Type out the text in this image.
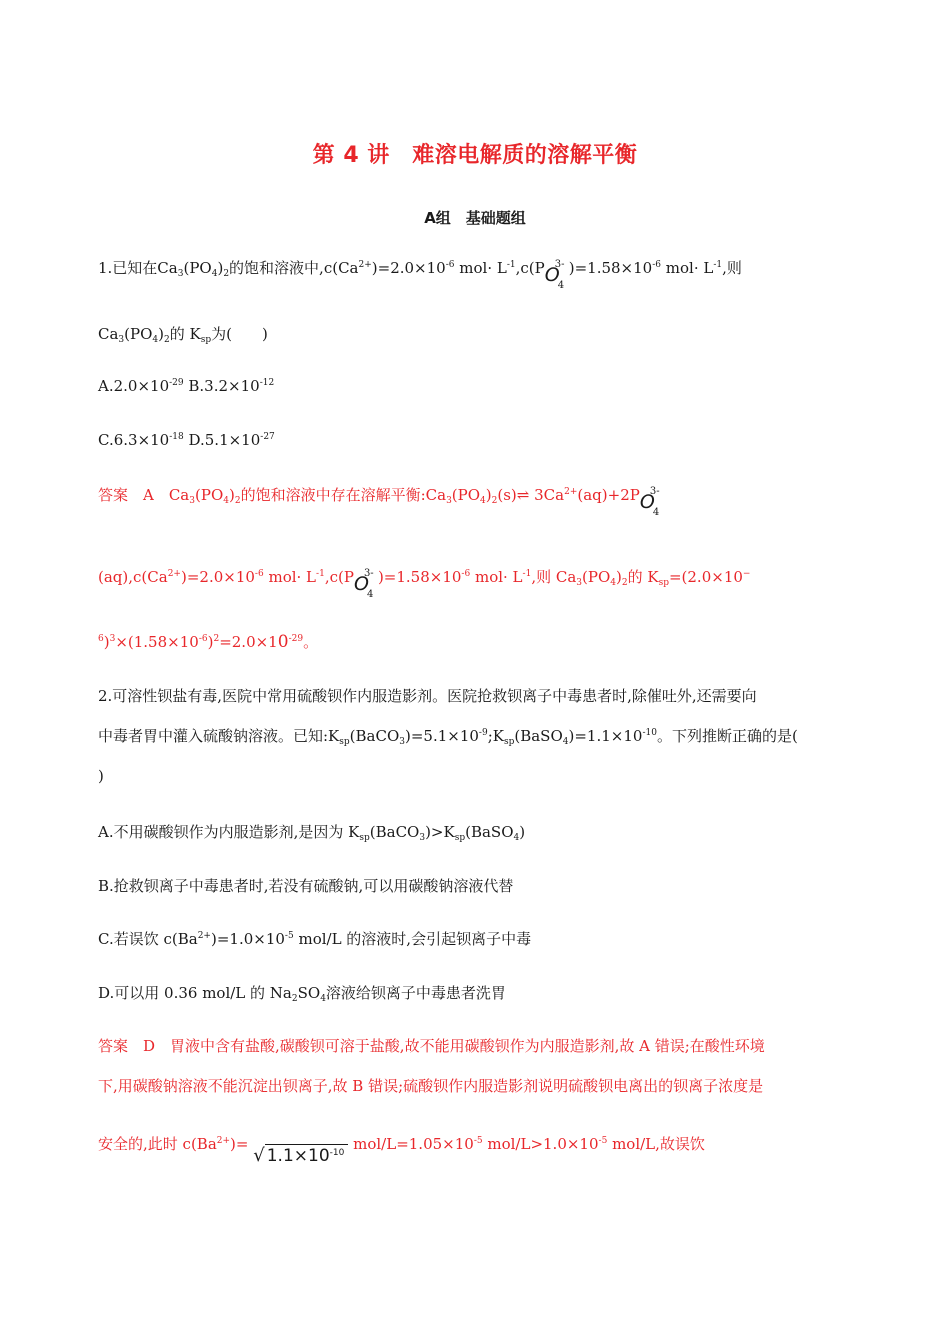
第 4 讲　难溶电解质的溶解平衡
A组　基础题组
1.已知在$Ca_3(PO_4)_2$的饱和溶液中$,c(Ca^{2+})=2.0\times 10^{-6}$ $mol\cdot L^{-1},c(P$ O
3-
4
)$=1.58\times 10^{-6}$ $mol\cdot L^{-1}$,则
$Ca_3(PO_4)_2$的 $K_{sp}$为(　　)
$A.2.0\times 10^{-29}$ $B.3.2\times 10^{-12}$
$C.6.3\times 10^{-18}$ $D.5.1\times 10^{-27}$
答案　A　$Ca_3(PO_4)_2$的饱和溶液中存在溶解平衡$:Ca_3(PO_4)_2(s)\rightleftharpoons$ $3Ca^{2+}(aq)+2P$ O
3-
4
$(aq),c(Ca^{2+})=2.0\times 10^{-6}$ $mol\cdot L^{-1},c(P$ O
3-
4
)$=1.58\times 10^{-6}$ $mol\cdot L^{-1}$,则 $Ca_3(PO_4)_2$的 $K_{sp}=(2.0\times 10^-$
$^6)^3\times(1.58\times 10^{-6})^2=2.0\times 10^{-29}$。
2.可溶性钡盐有毒,医院中常用硫酸钡作内服造影剂。医院抢救钡离子中毒患者时,除催吐外,还需要向
中毒者胃中灌入硫酸钠溶液。已知$:K_{sp}(BaCO_3)=5.1\times 10^{-9};K_{sp}(BaSO_4)=1.1\times 10^{-10}$。下列推断正确的是(
)
A.不用碳酸钡作为内服造影剂,是因为 $K_{sp}(BaCO_3)>K_{sp}(BaSO_4)$
B.抢救钡离子中毒患者时,若没有硫酸钠,可以用碳酸钠溶液代替
C.若误饮 $c(Ba^{2+})=1.0\times 10^{-5}$ mol/L 的溶液时,会引起钡离子中毒
D.可以用 0.36 mol/L 的 $Na_2SO_4$溶液给钡离子中毒患者洗胃
答案　D　胃液中含有盐酸,碳酸钡可溶于盐酸,故不能用碳酸钡作为内服造影剂,故 A 错误;在酸性环境
下,用碳酸钠溶液不能沉淀出钡离子,故 B 错误;硫酸钡作内服造影剂说明硫酸钡电离出的钡离子浓度是
安全的,此时 $c(Ba^{2+})=$ √ $1.1\times 10^{-10}$ mol/$L=1.05\times 10^{-5}$ mol/$L>1.0\times 10^{-5}$ mol/L,故误饮
